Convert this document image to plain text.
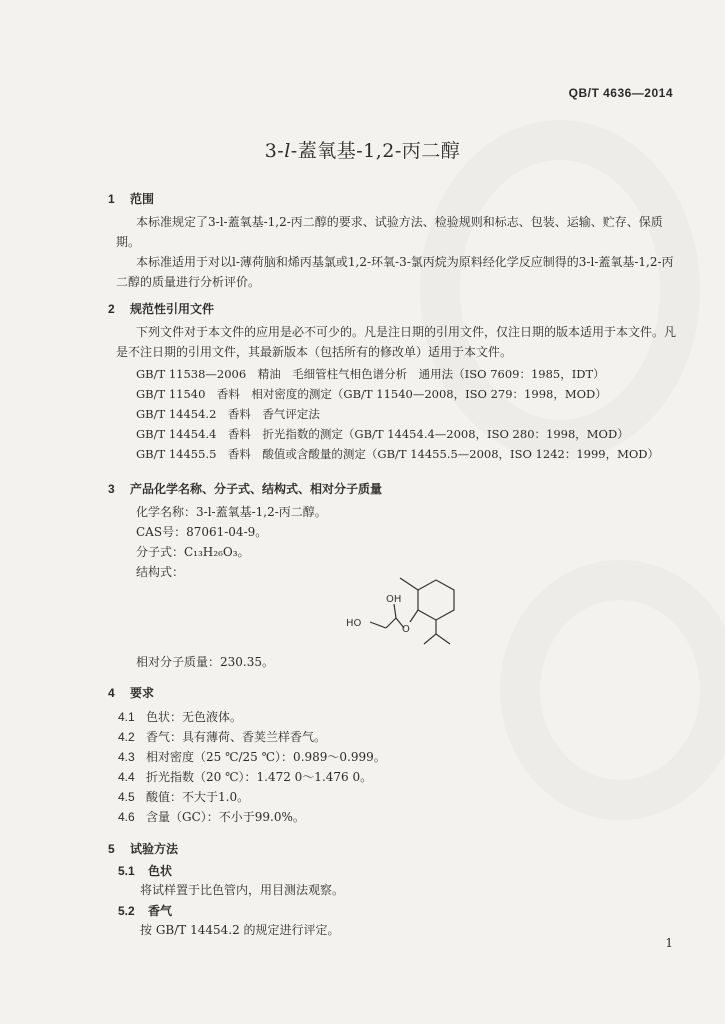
QB/T 4636—2014
3-l-蓋氧基-1,2-丙二醇
1 范围
本标准规定了3-l-蓋氧基-1,2-丙二醇的要求、试验方法、检验规则和标志、包装、运输、贮存、保质期。
本标准适用于对以l-薄荷脑和烯丙基氯或1,2-环氧-3-氯丙烷为原料经化学反应制得的3-l-蓋氧基-1,2-丙二醇的质量进行分析评价。
2 规范性引用文件
下列文件对于本文件的应用是必不可少的。凡是注日期的引用文件，仅注日期的版本适用于本文件。凡是不注日期的引用文件，其最新版本（包括所有的修改单）适用于本文件。
GB/T 11538—2006　精油　毛细管柱气相色谱分析　通用法（ISO 7609：1985，IDT）
GB/T 11540　香料　相对密度的测定（GB/T 11540—2008，ISO 279：1998，MOD）
GB/T 14454.2　香料　香气评定法
GB/T 14454.4　香料　折光指数的测定（GB/T 14454.4—2008，ISO 280：1998，MOD）
GB/T 14455.5　香料　酸值或含酸量的测定（GB/T 14455.5—2008，ISO 1242：1999，MOD）
3 产品化学名称、分子式、结构式、相对分子质量
化学名称：3-l-蓋氧基-1,2-丙二醇。
CAS号：87061-04-9。
分子式：C₁₃H₂₆O₃。
结构式：
O
OH
HO
相对分子质量：230.35。
4 要求
4.1 色状：无色液体。
4.2 香气：具有薄荷、香荚兰样香气。
4.3 相对密度（25 ℃/25 ℃）：0.989～0.999。
4.4 折光指数（20 ℃）：1.472 0～1.476 0。
4.5 酸值：不大于1.0。
4.6 含量（GC）：不小于99.0%。
5 试验方法
5.1 色状
将试样置于比色管内，用目测法观察。
5.2 香气
按 GB/T 14454.2 的规定进行评定。
1
